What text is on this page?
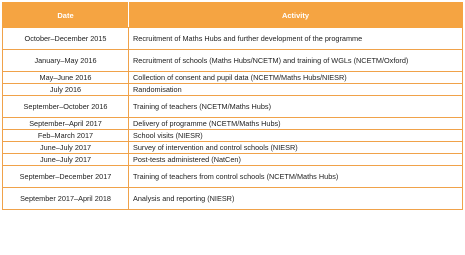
Date	Activity
October–December 2015	Recruitment of Maths Hubs and further development of the programme
January–May 2016	Recruitment of schools (Maths Hubs/NCETM) and training of WGLs (NCETM/Oxford)
May–June 2016	Collection of consent and pupil data (NCETM/Maths Hubs/NIESR)
July 2016	Randomisation
September–October 2016	Training of teachers (NCETM/Maths Hubs)
September–April 2017	Delivery of programme (NCETM/Maths Hubs)
Feb–March 2017	School visits (NIESR)
June–July 2017	Survey of intervention and control schools (NIESR)
June–July 2017	Post-tests administered (NatCen)
September–December 2017	Training of teachers from control schools (NCETM/Maths Hubs)
September 2017–April 2018	Analysis and reporting (NIESR)
